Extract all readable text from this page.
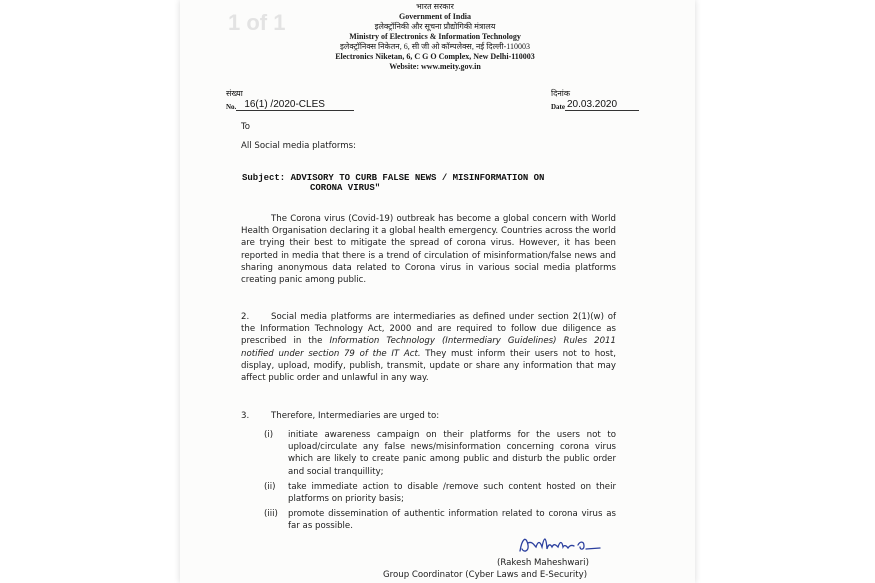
1 of 1
भारत सरकार
Government of India
इलेक्ट्रॉनिकी और सूचना प्रौद्योगिकी मंत्रालय
Ministry of Electronics & Information Technology
इलेक्ट्रॉनिक्स निकेतन, 6, सी जी ओ कॉम्पलेक्स, नई दिल्ली-110003
Electronics Niketan, 6, C G O Complex, New Delhi-110003
Website: www.meity.gov.in
संख्या
No. 16(1) /2020-CLES
दिनांक
Date 20.03.2020
To
All Social media platforms:
Subject: ADVISORY TO CURB FALSE NEWS / MISINFORMATION ON
CORONA VIRUS"
The Corona virus (Covid-19) outbreak has become a global concern with World Health Organisation declaring it a global health emergency. Countries across the world are trying their best to mitigate the spread of corona virus. However, it has been reported in media that there is a trend of circulation of misinformation/false news and sharing anonymous data related to Corona virus in various social media platforms creating panic among public.
2.	Social media platforms are intermediaries as defined under section 2(1)(w) of the Information Technology Act, 2000 and are required to follow due diligence as prescribed in the Information Technology (Intermediary Guidelines) Rules 2011 notified under section 79 of the IT Act. They must inform their users not to host, display, upload, modify, publish, transmit, update or share any information that may affect public order and unlawful in any way.
3.	Therefore, Intermediaries are urged to:
(i) initiate awareness campaign on their platforms for the users not to upload/circulate any false news/misinformation concerning corona virus which are likely to create panic among public and disturb the public order and social tranquillity;
(ii) take immediate action to disable /remove such content hosted on their platforms on priority basis;
(iii) promote dissemination of authentic information related to corona virus as far as possible.
(Rakesh Maheshwari)
Group Coordinator (Cyber Laws and E-Security)
